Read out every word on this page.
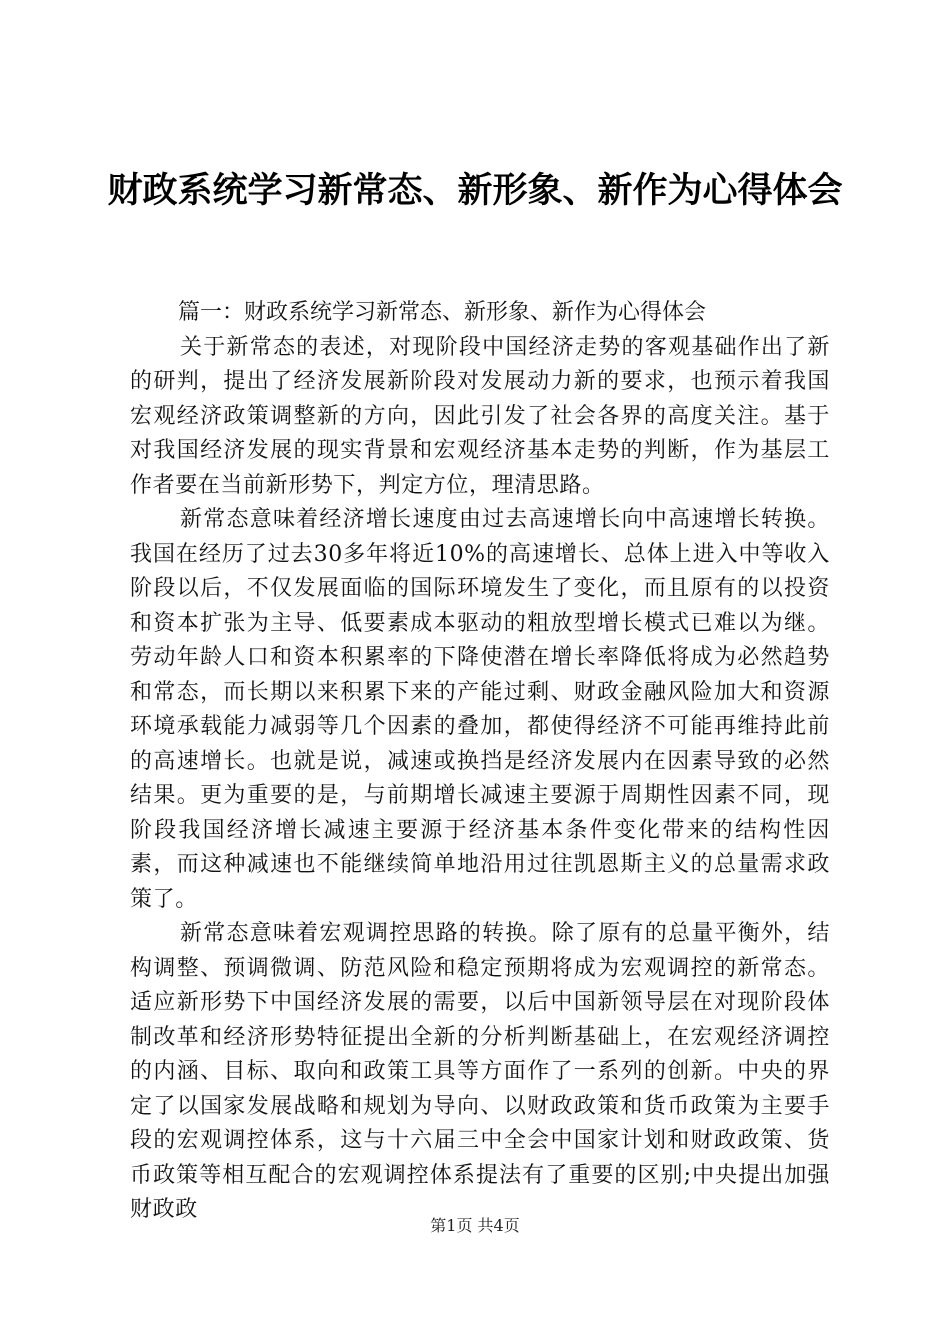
财政系统学习新常态、新形象、新作为心得体会

篇一：财政系统学习新常态、新形象、新作为心得体会

关于新常态的表述，对现阶段中国经济走势的客观基础作出了新的研判，提出了经济发展新阶段对发展动力新的要求，也预示着我国宏观经济政策调整新的方向，因此引发了社会各界的高度关注。基于对我国经济发展的现实背景和宏观经济基本走势的判断，作为基层工作者要在当前新形势下，判定方位，理清思路。

新常态意味着经济增长速度由过去高速增长向中高速增长转换。我国在经历了过去30多年将近10%的高速增长、总体上进入中等收入阶段以后，不仅发展面临的国际环境发生了变化，而且原有的以投资和资本扩张为主导、低要素成本驱动的粗放型增长模式已难以为继。劳动年龄人口和资本积累率的下降使潜在增长率降低将成为必然趋势和常态，而长期以来积累下来的产能过剩、财政金融风险加大和资源环境承载能力减弱等几个因素的叠加，都使得经济不可能再维持此前的高速增长。也就是说，减速或换挡是经济发展内在因素导致的必然结果。更为重要的是，与前期增长减速主要源于周期性因素不同，现阶段我国经济增长减速主要源于经济基本条件变化带来的结构性因素，而这种减速也不能继续简单地沿用过往凯恩斯主义的总量需求政策了。

新常态意味着宏观调控思路的转换。除了原有的总量平衡外，结构调整、预调微调、防范风险和稳定预期将成为宏观调控的新常态。适应新形势下中国经济发展的需要，以后中国新领导层在对现阶段体制改革和经济形势特征提出全新的分析判断基础上，在宏观经济调控的内涵、目标、取向和政策工具等方面作了一系列的创新。中央的界定了以国家发展战略和规划为导向、以财政政策和货币政策为主要手段的宏观调控体系，这与十六届三中全会中国家计划和财政政策、货币政策等相互配合的宏观调控体系提法有了重要的区别;中央提出加强财政政

第1页 共4页
